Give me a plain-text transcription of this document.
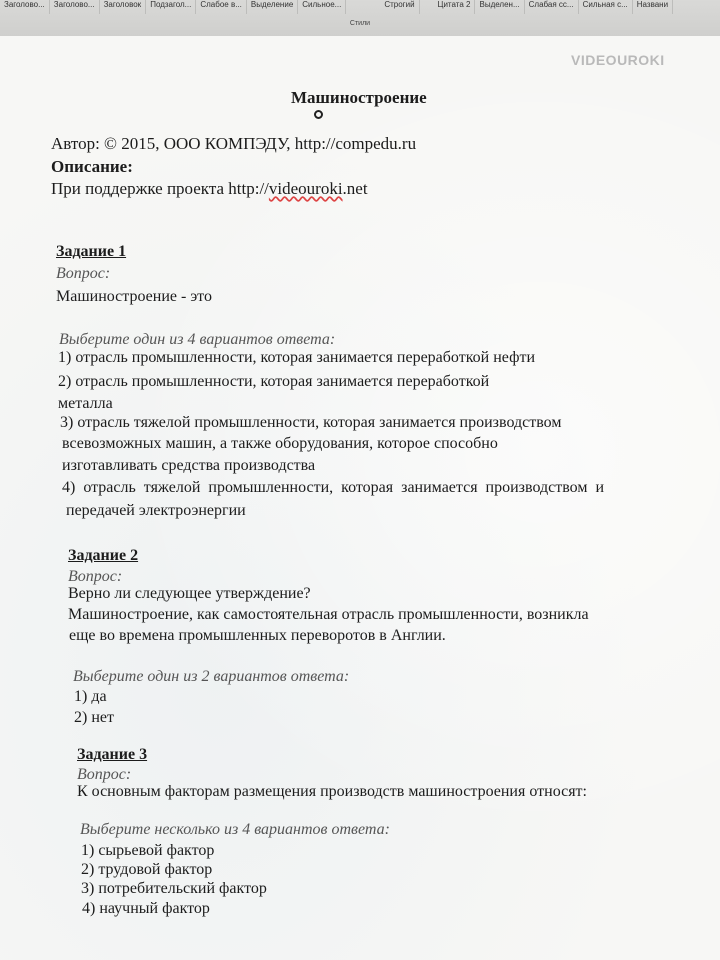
Заголово... Заголово... Заголовок Подзагол... Слабое в... Выделение Сильное...	Строгий	Цитата 2 Выделен... Слабая сс... Сильная с... Названи
Стили
VIDEOUROKI
Машиностроение
Автор: © 2015, ООО КОМПЭДУ, http://compedu.ru
Описание:
При поддержке проекта http://videouroki.net
Задание 1
Вопрос:
Машиностроение - это
Выберите один из 4 вариантов ответа:
1) отрасль промышленности, которая занимается переработкой нефти
2) отрасль промышленности, которая занимается переработкой
металла
3) отрасль тяжелой промышленности, которая занимается производством
всевозможных машин, а также оборудования, которое способно
изготавливать средства производства
4) отрасль тяжелой промышленности, которая занимается производством и
передачей электроэнергии
Задание 2
Вопрос:
Верно ли следующее утверждение?
Машиностроение, как самостоятельная отрасль промышленности, возникла
еще во времена промышленных переворотов в Англии.
Выберите один из 2 вариантов ответа:
1) да
2) нет
Задание 3
Вопрос:
К основным факторам размещения производств машиностроения относят:
Выберите несколько из 4 вариантов ответа:
1) сырьевой фактор
2) трудовой фактор
3) потребительский фактор
4) научный фактор
